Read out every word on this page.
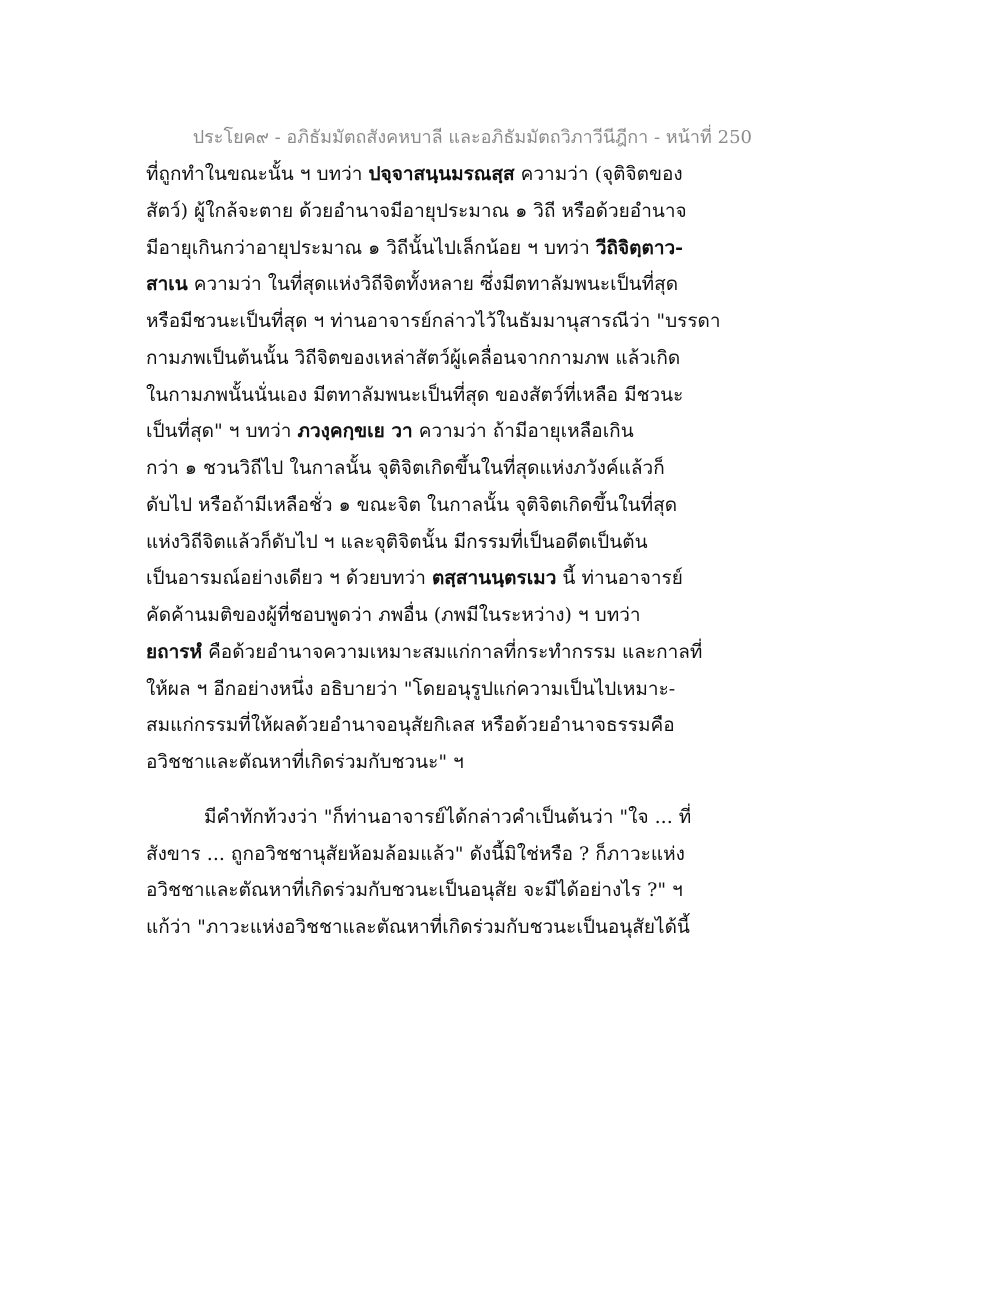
ประโยค๙ - อภิธัมมัตถสังคหบาลี และอภิธัมมัตถวิภาวีนีฎีกา - หน้าที่ 250
ที่ถูกทำในขณะนั้น ฯ บทว่า ปจฺจาสนฺนมรณสฺส ความว่า (จุติจิตของ
สัตว์) ผู้ใกล้จะตาย ด้วยอำนาจมีอายุประมาณ ๑ วิถี หรือด้วยอำนาจ
มีอายุเกินกว่าอายุประมาณ ๑ วิถีนั้นไปเล็กน้อย ฯ บทว่า วีถิจิตฺตาว-
สาเน ความว่า ในที่สุดแห่งวิถีจิตทั้งหลาย ซึ่งมีตทาลัมพนะเป็นที่สุด
หรือมีชวนะเป็นที่สุด ฯ ท่านอาจารย์กล่าวไว้ในธัมมานุสารณีว่า "บรรดา
กามภพเป็นต้นนั้น วิถีจิตของเหล่าสัตว์ผู้เคลื่อนจากกามภพ แล้วเกิด
ในกามภพนั้นนั่นเอง มีตทาลัมพนะเป็นที่สุด ของสัตว์ที่เหลือ มีชวนะ
เป็นที่สุด" ฯ บทว่า ภวงฺคกฺขเย วา ความว่า ถ้ามีอายุเหลือเกิน
กว่า ๑ ชวนวิถีไป ในกาลนั้น จุติจิตเกิดขึ้นในที่สุดแห่งภวังค์แล้วก็
ดับไป หรือถ้ามีเหลือชั่ว ๑ ขณะจิต ในกาลนั้น จุติจิตเกิดขึ้นในที่สุด
แห่งวิถีจิตแล้วก็ดับไป ฯ และจุติจิตนั้น มีกรรมที่เป็นอดีตเป็นต้น
เป็นอารมณ์อย่างเดียว ฯ ด้วยบทว่า ตสฺสานนฺตรเมว นี้ ท่านอาจารย์
คัดค้านมติของผู้ที่ชอบพูดว่า ภพอื่น (ภพมีในระหว่าง) ฯ บทว่า
ยถารหํ คือด้วยอำนาจความเหมาะสมแก่กาลที่กระทำกรรม และกาลที่
ให้ผล ฯ อีกอย่างหนึ่ง อธิบายว่า "โดยอนุรูปแก่ความเป็นไปเหมาะ-
สมแก่กรรมที่ให้ผลด้วยอำนาจอนุสัยกิเลส หรือด้วยอำนาจธรรมคือ
อวิชชาและตัณหาที่เกิดร่วมกับชวนะ" ฯ
มีคำทักท้วงว่า "ก็ท่านอาจารย์ได้กล่าวคำเป็นต้นว่า "ใจ ... ที่
สังขาร ... ถูกอวิชชานุสัยห้อมล้อมแล้ว" ดังนี้มิใช่หรือ ? ก็ภาวะแห่ง
อวิชชาและตัณหาที่เกิดร่วมกับชวนะเป็นอนุสัย จะมีได้อย่างไร ?" ฯ
แก้ว่า "ภาวะแห่งอวิชชาและตัณหาที่เกิดร่วมกับชวนะเป็นอนุสัยได้นี้
